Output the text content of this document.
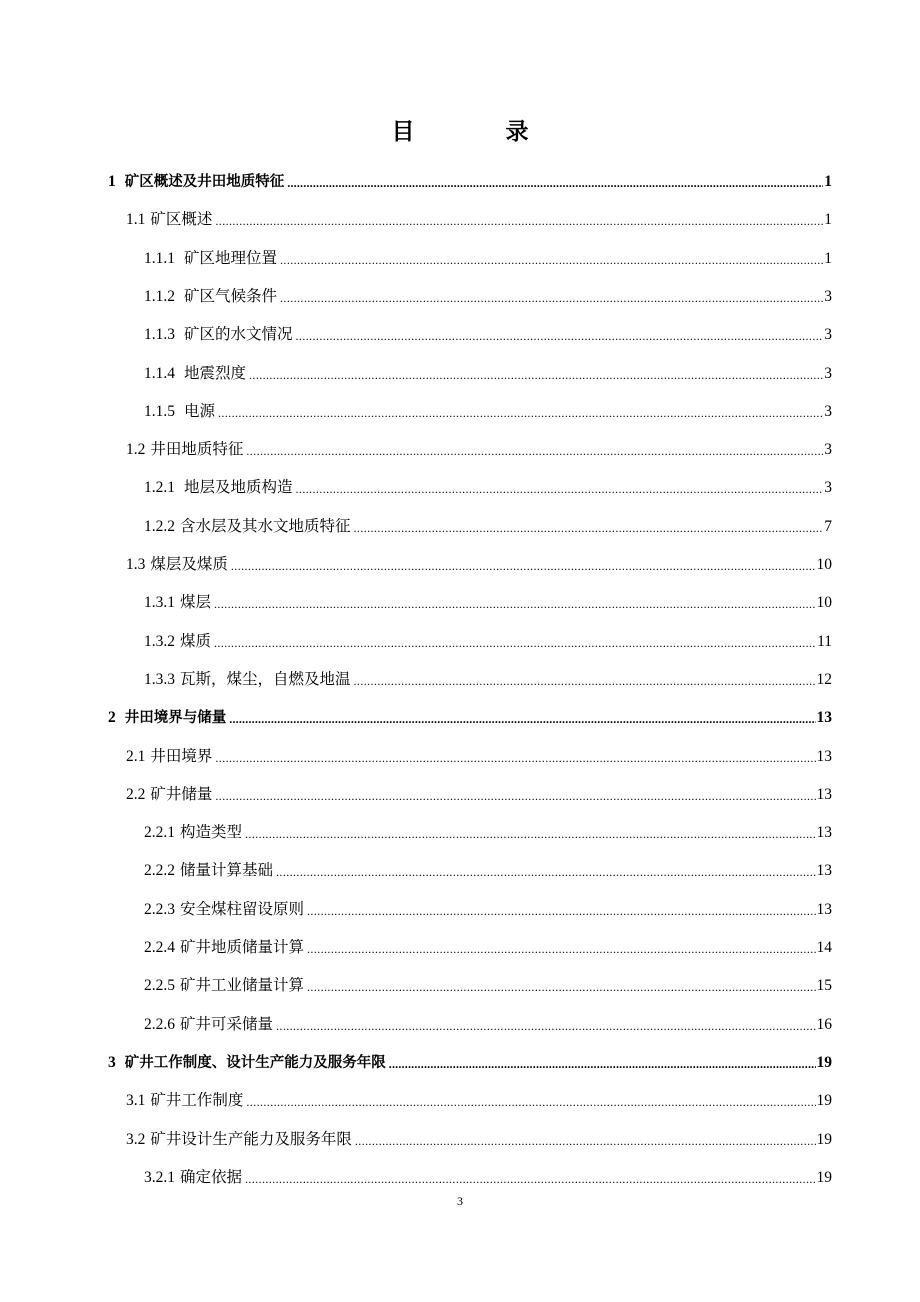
目　录
1 矿区概述及井田地质特征 .....	1
1.1 矿区概述 .....	1
1.1.1 矿区地理位置 .....	1
1.1.2 矿区气候条件 .....	3
1.1.3 矿区的水文情况 .....	3
1.1.4 地震烈度 .....	3
1.1.5 电源 .....	3
1.2 井田地质特征 .....	3
1.2.1 地层及地质构造 .....	3
1.2.2 含水层及其水文地质特征 .....	7
1.3 煤层及煤质 .....	10
1.3.1 煤层 .....	10
1.3.2 煤质 .....	11
1.3.3 瓦斯，煤尘，自燃及地温 .....	12
2 井田境界与储量 .....	13
2.1 井田境界 .....	13
2.2 矿井储量 .....	13
2.2.1 构造类型 .....	13
2.2.2 储量计算基础 .....	13
2.2.3 安全煤柱留设原则 .....	13
2.2.4 矿井地质储量计算 .....	14
2.2.5 矿井工业储量计算 .....	15
2.2.6 矿井可采储量 .....	16
3 矿井工作制度、设计生产能力及服务年限 .....	19
3.1 矿井工作制度 .....	19
3.2 矿井设计生产能力及服务年限 .....	19
3.2.1 确定依据 .....	19
3
